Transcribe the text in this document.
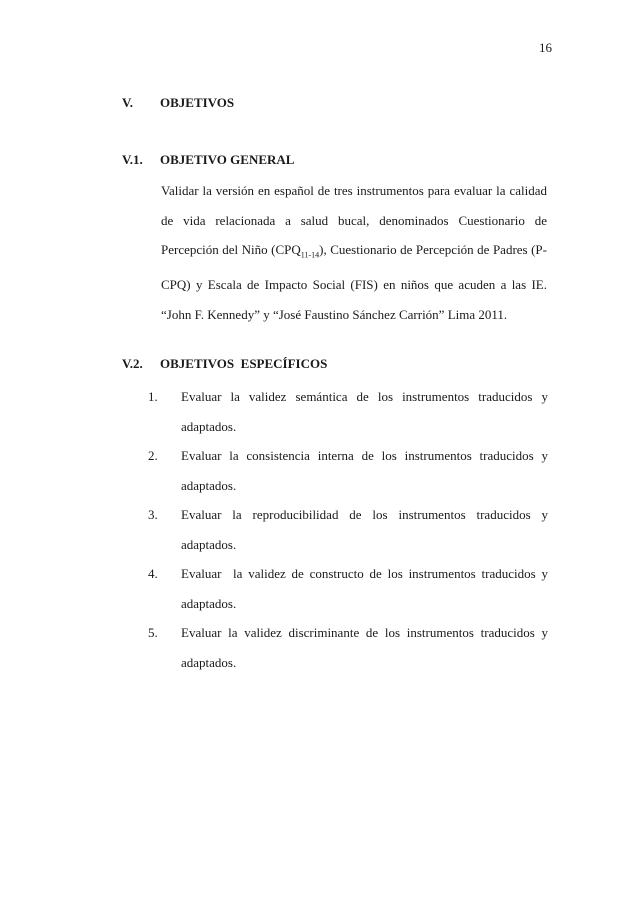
16
V. OBJETIVOS
V.1. OBJETIVO GENERAL

Validar la versión en español de tres instrumentos para evaluar la calidad de vida relacionada a salud bucal, denominados Cuestionario de Percepción del Niño $(CPQ_{11-14})$, Cuestionario de Percepción de Padres (P-CPQ) y Escala de Impacto Social (FIS) en niños que acuden a las IE. “John F. Kennedy” y “José Faustino Sánchez Carrión” Lima 2011.

V.2. OBJETIVOS  ESPECÍFICOS
1. Evaluar la validez semántica de los instrumentos traducidos y adaptados.
2. Evaluar la consistencia interna de los instrumentos traducidos y adaptados.
3. Evaluar la reproducibilidad de los instrumentos traducidos y adaptados.
4. Evaluar  la validez de constructo de los instrumentos traducidos y adaptados.
5. Evaluar la validez discriminante de los instrumentos traducidos y adaptados.
